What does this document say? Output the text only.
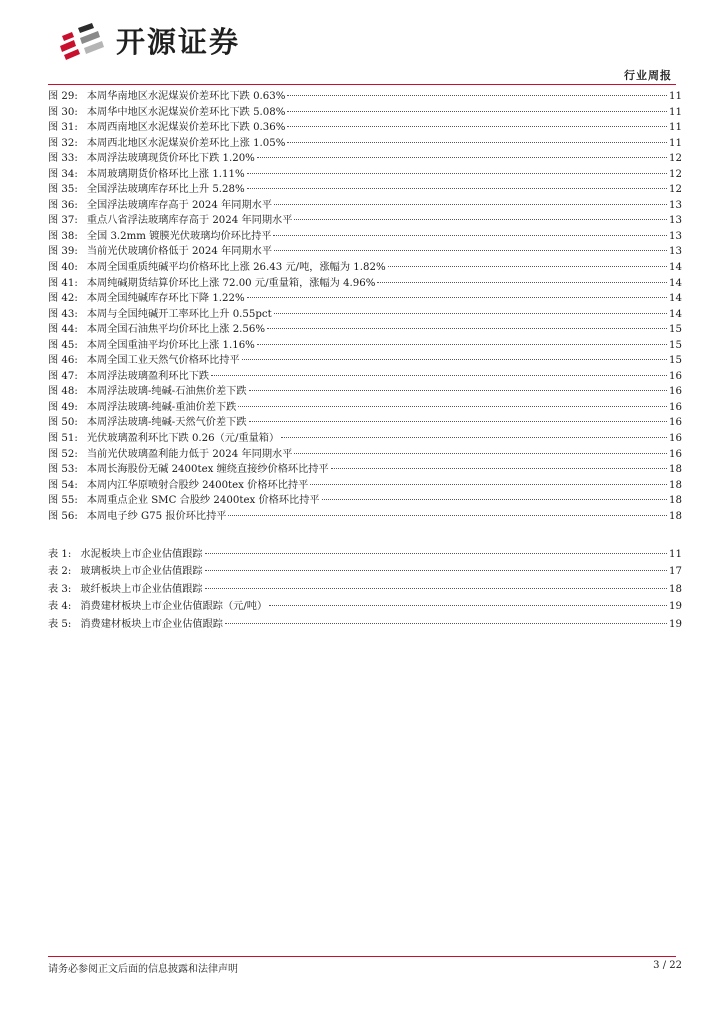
开源证券
行业周报
图 29: 本周华南地区水泥煤炭价差环比下跌 0.63%	11
图 30: 本周华中地区水泥煤炭价差环比下跌 5.08%	11
图 31: 本周西南地区水泥煤炭价差环比下跌 0.36%	11
图 32: 本周西北地区水泥煤炭价差环比上涨 1.05%	11
图 33: 本周浮法玻璃现货价环比下跌 1.20%	12
图 34: 本周玻璃期货价格环比上涨 1.11%	12
图 35: 全国浮法玻璃库存环比上升 5.28%	12
图 36: 全国浮法玻璃库存高于 2024 年同期水平	13
图 37: 重点八省浮法玻璃库存高于 2024 年同期水平	13
图 38: 全国 3.2mm 镀膜光伏玻璃均价环比持平	13
图 39: 当前光伏玻璃价格低于 2024 年同期水平	13
图 40: 本周全国重质纯碱平均价格环比上涨 26.43 元/吨，涨幅为 1.82%	14
图 41: 本周纯碱期货结算价环比上涨 72.00 元/重量箱，涨幅为 4.96%	14
图 42: 本周全国纯碱库存环比下降 1.22%	14
图 43: 本周与全国纯碱开工率环比上升 0.55pct	14
图 44: 本周全国石油焦平均价环比上涨 2.56%	15
图 45: 本周全国重油平均价环比上涨 1.16%	15
图 46: 本周全国工业天然气价格环比持平	15
图 47: 本周浮法玻璃盈利环比下跌	16
图 48: 本周浮法玻璃-纯碱-石油焦价差下跌	16
图 49: 本周浮法玻璃-纯碱-重油价差下跌	16
图 50: 本周浮法玻璃-纯碱-天然气价差下跌	16
图 51: 光伏玻璃盈利环比下跌 0.26（元/重量箱）	16
图 52: 当前光伏玻璃盈利能力低于 2024 年同期水平	16
图 53: 本周长海股份无碱 2400tex 缠绕直接纱价格环比持平	18
图 54: 本周内江华原喷射合股纱 2400tex 价格环比持平	18
图 55: 本周重点企业 SMC 合股纱 2400tex 价格环比持平	18
图 56: 本周电子纱 G75 报价环比持平	18
表 1: 水泥板块上市企业估值跟踪	11
表 2: 玻璃板块上市企业估值跟踪	17
表 3: 玻纤板块上市企业估值跟踪	18
表 4: 消费建材板块上市企业估值跟踪（元/吨）	19
表 5: 消费建材板块上市企业估值跟踪	19
请务必参阅正文后面的信息披露和法律声明	3 / 22
